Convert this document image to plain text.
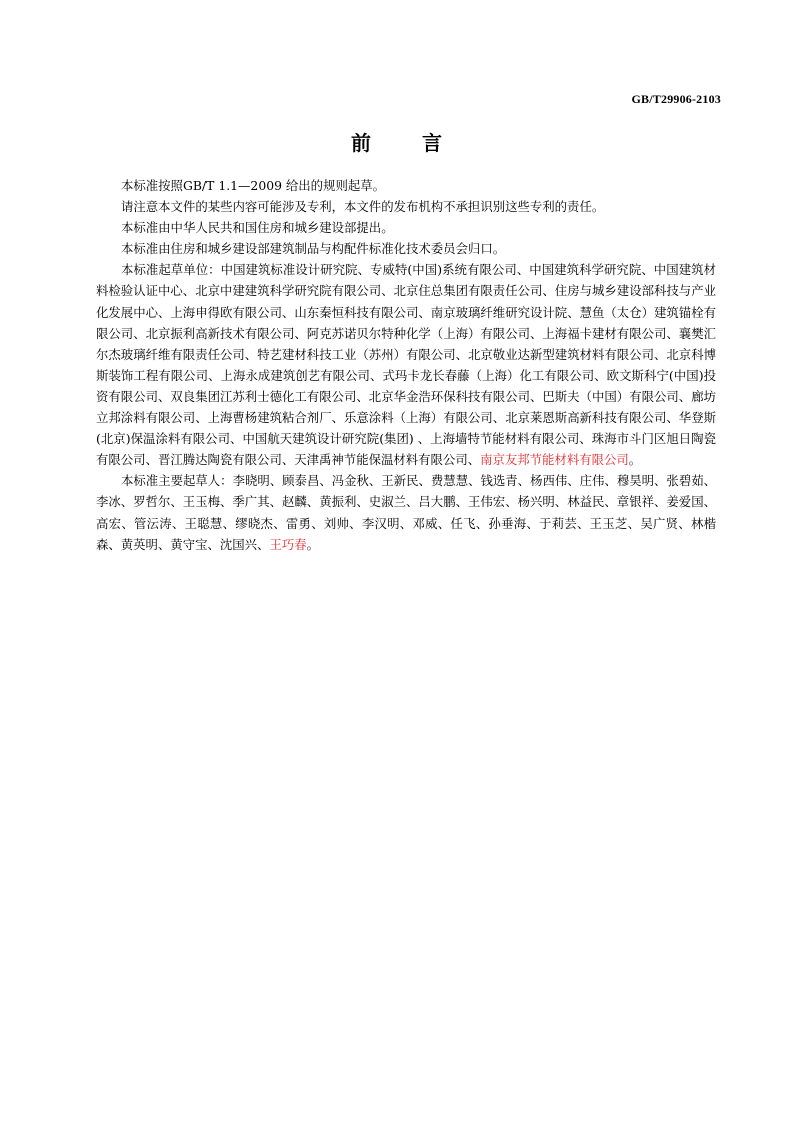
GB/T29906-2103
前 言

本标准按照GB/T 1.1—2009 给出的规则起草。

请注意本文件的某些内容可能涉及专利，本文件的发布机构不承担识别这些专利的责任。

本标准由中华人民共和国住房和城乡建设部提出。

本标准由住房和城乡建设部建筑制品与构配件标准化技术委员会归口。

本标准起草单位：中国建筑标准设计研究院、专威特(中国)系统有限公司、中国建筑科学研究院、中国建筑材料检验认证中心、北京中建建筑科学研究院有限公司、北京住总集团有限责任公司、住房与城乡建设部科技与产业化发展中心、上海申得欧有限公司、山东秦恒科技有限公司、南京玻璃纤维研究设计院、慧鱼（太仓）建筑锚栓有限公司、北京振利高新技术有限公司、阿克苏诺贝尔特种化学（上海）有限公司、上海福卡建材有限公司、襄樊汇尔杰玻璃纤维有限责任公司、特艺建材科技工业（苏州）有限公司、北京敬业达新型建筑材料有限公司、北京科博斯装饰工程有限公司、上海永成建筑创艺有限公司、式玛卡龙长春藤（上海）化工有限公司、欧文斯科宁(中国)投资有限公司、双良集团江苏利士德化工有限公司、北京华金浩环保科技有限公司、巴斯夫（中国）有限公司、廊坊立邦涂料有限公司、上海曹杨建筑粘合剂厂、乐意涂料（上海）有限公司、北京莱恩斯高新科技有限公司、华登斯(北京)保温涂料有限公司、中国航天建筑设计研究院(集团) 、上海墙特节能材料有限公司、珠海市斗门区旭日陶瓷有限公司、晋江腾达陶瓷有限公司、天津禹神节能保温材料有限公司、南京友邦节能材料有限公司。

本标准主要起草人：李晓明、顾泰昌、冯金秋、王新民、费慧慧、钱选青、杨西伟、庄伟、穆昊明、张碧茹、李冰、罗哲尔、王玉梅、季广其、赵麟、黄振利、史淑兰、吕大鹏、王伟宏、杨兴明、林益民、章银祥、姜爱国、高宏、管沄涛、王聪慧、缪晓杰、雷勇、刘帅、李汉明、邓威、任飞、孙垂海、于莉芸、王玉芝、吴广贤、林楷森、黄英明、黄守宝、沈国兴、王巧春。
